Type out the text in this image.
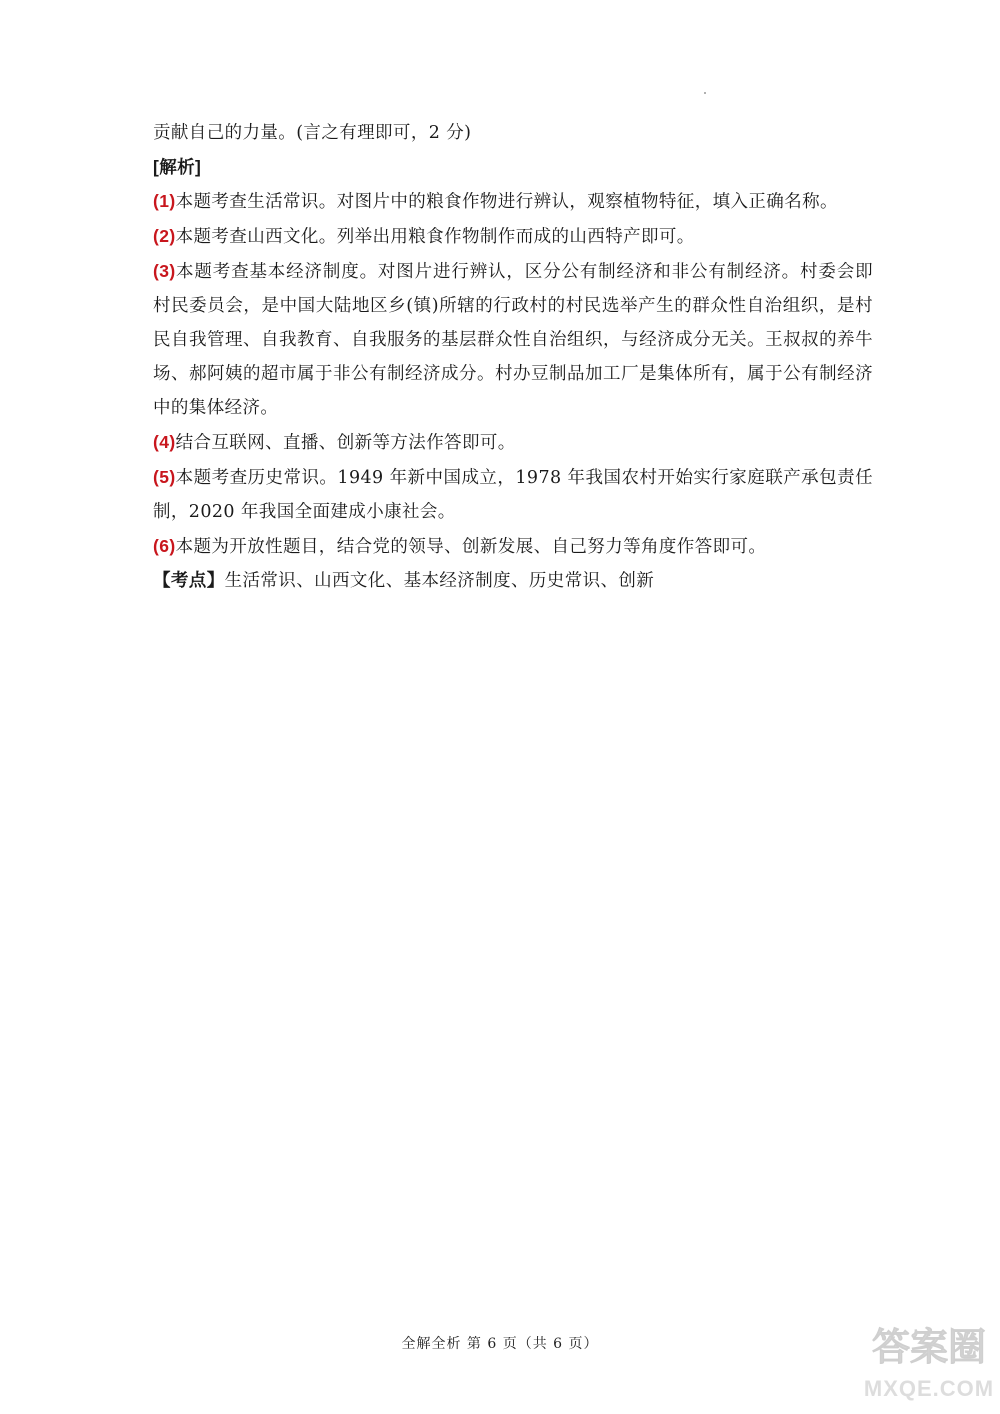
贡献自己的力量。(言之有理即可，2 分)

[解析]

(1)本题考查生活常识。对图片中的粮食作物进行辨认，观察植物特征，填入正确名称。

(2)本题考查山西文化。列举出用粮食作物制作而成的山西特产即可。

(3)本题考查基本经济制度。对图片进行辨认，区分公有制经济和非公有制经济。村委会即村民委员会，是中国大陆地区乡(镇)所辖的行政村的村民选举产生的群众性自治组织，是村民自我管理、自我教育、自我服务的基层群众性自治组织，与经济成分无关。王叔叔的养牛场、郝阿姨的超市属于非公有制经济成分。村办豆制品加工厂是集体所有，属于公有制经济中的集体经济。

(4)结合互联网、直播、创新等方法作答即可。

(5)本题考查历史常识。1949 年新中国成立，1978 年我国农村开始实行家庭联产承包责任制，2020 年我国全面建成小康社会。

(6)本题为开放性题目，结合党的领导、创新发展、自己努力等角度作答即可。

【考点】生活常识、山西文化、基本经济制度、历史常识、创新

全解全析 第 6 页（共 6 页）	答案圈
MXQE.COM
